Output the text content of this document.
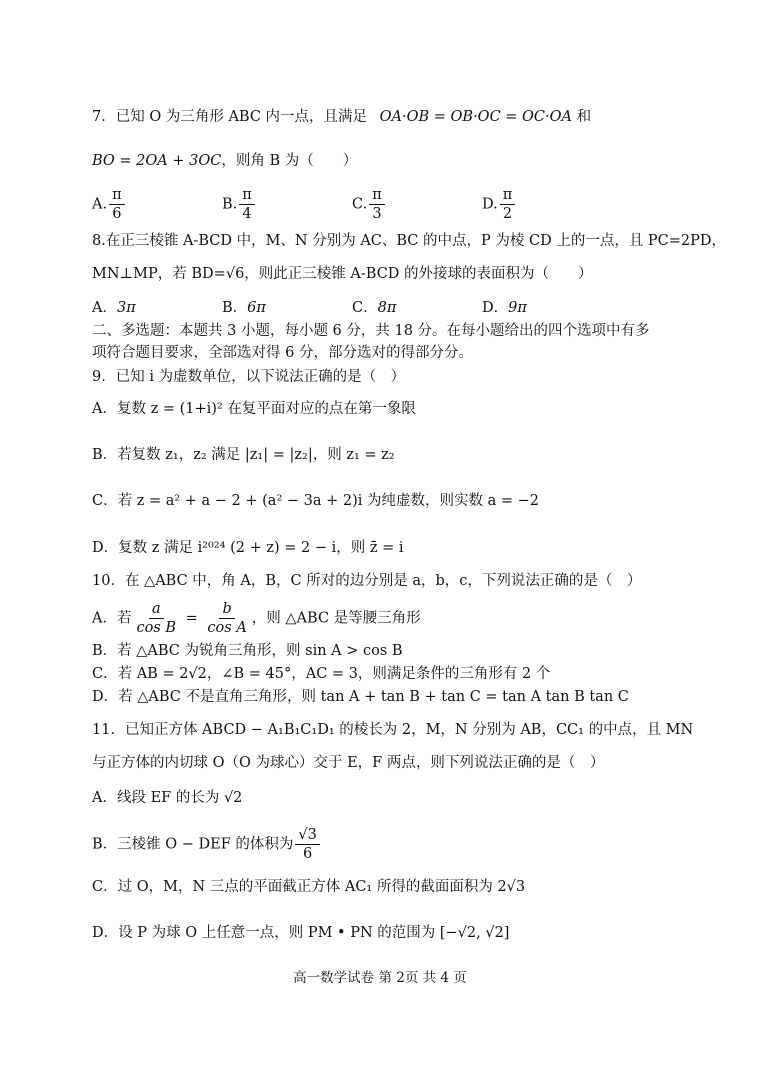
7．已知 O 为三角形 ABC 内一点，且满足 OA·OB = OB·OC = OC·OA 和
BO = 2OA + 3OC，则角 B 为（　　）
A. $\frac{\pi}{6}$	B. $\frac{\pi}{4}$	C. $\frac{\pi}{3}$	D. $\frac{\pi}{2}$
8.在正三棱锥 A-BCD 中，M、N 分别为 AC、BC 的中点，P 为棱 CD 上的一点，且 PC=2PD，
MN⊥MP，若 BD=√6，则此正三棱锥 A-BCD 的外接球的表面积为（　　）
A．3π	B．6π	C．8π	D．9π
二、多选题：本题共 3 小题，每小题 6 分，共 18 分。在每小题给出的四个选项中有多
项符合题目要求，全部选对得 6 分，部分选对的得部分分。
9．已知 i 为虚数单位，以下说法正确的是（　）
A．复数 z = (1+i)² 在复平面对应的点在第一象限
B．若复数 z₁，z₂ 满足 |z₁| = |z₂|，则 z₁ = z₂
C．若 z = a² + a − 2 + (a² − 3a + 2)i 为纯虚数，则实数 a = −2
D．复数 z 满足 i²⁰²⁴ (2 + z) = 2 − i，则 z̄ = i
10．在 △ABC 中，角 A，B，C 所对的边分别是 a，b，c，下列说法正确的是（　）
A．若 $\frac{a}{\text{cos B}} = \frac{b}{\text{cos A}}$ ，则 △ABC 是等腰三角形
B．若 △ABC 为锐角三角形，则 sin A > cos B
C．若 AB = 2√2，∠B = 45°，AC = 3，则满足条件的三角形有 2 个
D．若 △ABC 不是直角三角形，则 tan A + tan B + tan C = tan A tan B tan C
11．已知正方体 ABCD − A₁B₁C₁D₁ 的棱长为 2，M，N 分别为 AB，CC₁ 的中点，且 MN
与正方体的内切球 O（O 为球心）交于 E，F 两点，则下列说法正确的是（　）
A．线段 EF 的长为 √2
B．三棱锥 O − DEF 的体积为 $\frac{√3}{6}$
C．过 O，M，N 三点的平面截正方体 AC₁ 所得的截面面积为 2√3
D．设 P 为球 O 上任意一点，则 PM • PN 的范围为 [−√2, √2]
高一数学试卷 第 2页 共 4 页
